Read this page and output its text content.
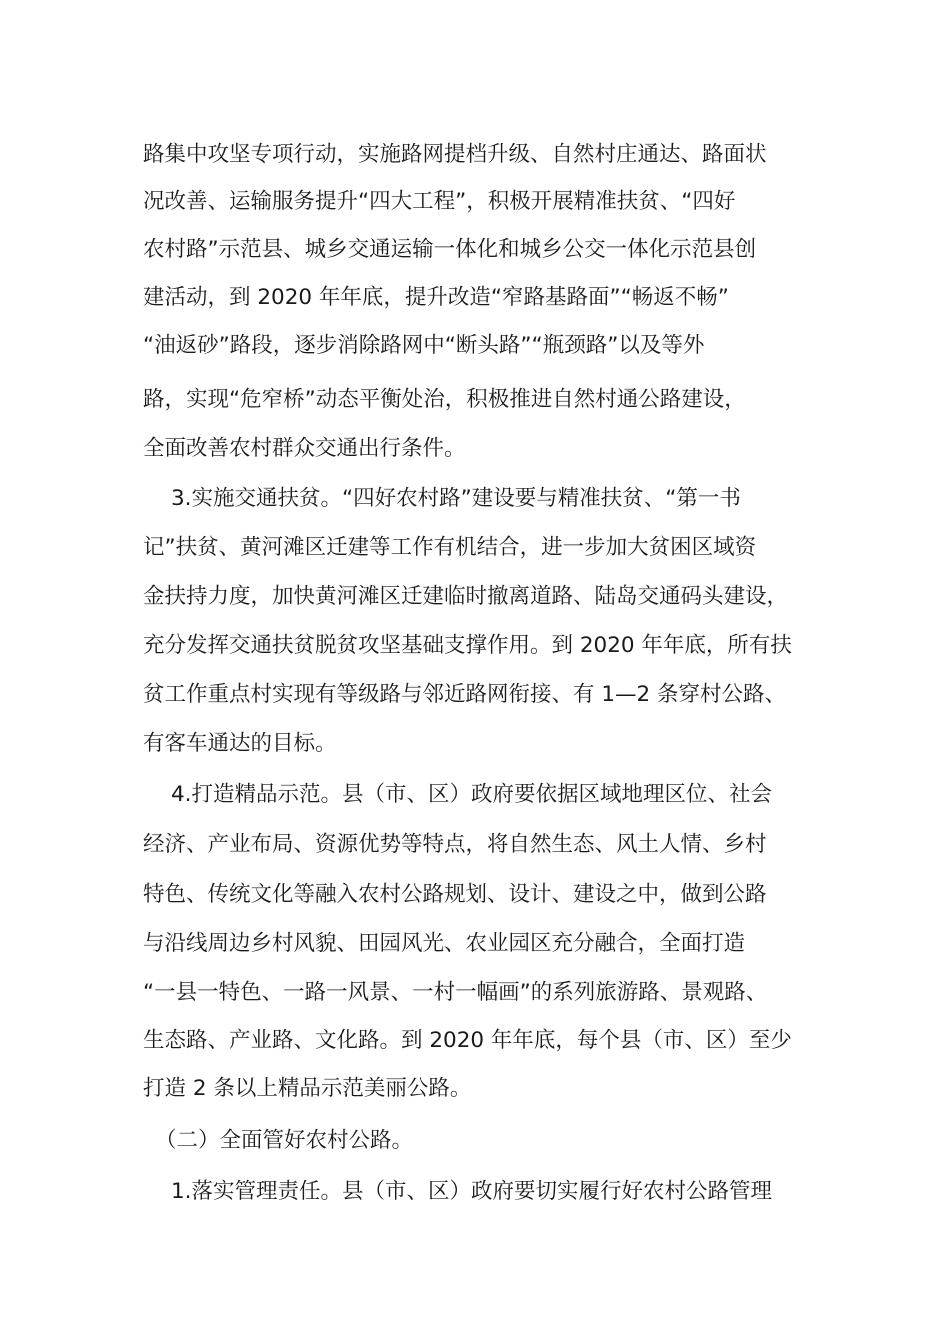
路集中攻坚专项行动，实施路网提档升级、自然村庄通达、路面状

况改善、运输服务提升“四大工程”，积极开展精准扶贫、“四好

农村路”示范县、城乡交通运输一体化和城乡公交一体化示范县创

建活动，到 2020 年年底，提升改造“窄路基路面”“畅返不畅”

“油返砂”路段，逐步消除路网中“断头路”“瓶颈路”以及等外

路，实现“危窄桥”动态平衡处治，积极推进自然村通公路建设，

全面改善农村群众交通出行条件。

3.实施交通扶贫。“四好农村路”建设要与精准扶贫、“第一书

记”扶贫、黄河滩区迁建等工作有机结合，进一步加大贫困区域资

金扶持力度，加快黄河滩区迁建临时撤离道路、陆岛交通码头建设，

充分发挥交通扶贫脱贫攻坚基础支撑作用。到 2020 年年底，所有扶

贫工作重点村实现有等级路与邻近路网衔接、有 1—2 条穿村公路、

有客车通达的目标。

4.打造精品示范。县（市、区）政府要依据区域地理区位、社会

经济、产业布局、资源优势等特点，将自然生态、风土人情、乡村

特色、传统文化等融入农村公路规划、设计、建设之中，做到公路

与沿线周边乡村风貌、田园风光、农业园区充分融合，全面打造

“一县一特色、一路一风景、一村一幅画”的系列旅游路、景观路、

生态路、产业路、文化路。到 2020 年年底，每个县（市、区）至少

打造 2 条以上精品示范美丽公路。

（二）全面管好农村公路。

1.落实管理责任。县（市、区）政府要切实履行好农村公路管理
